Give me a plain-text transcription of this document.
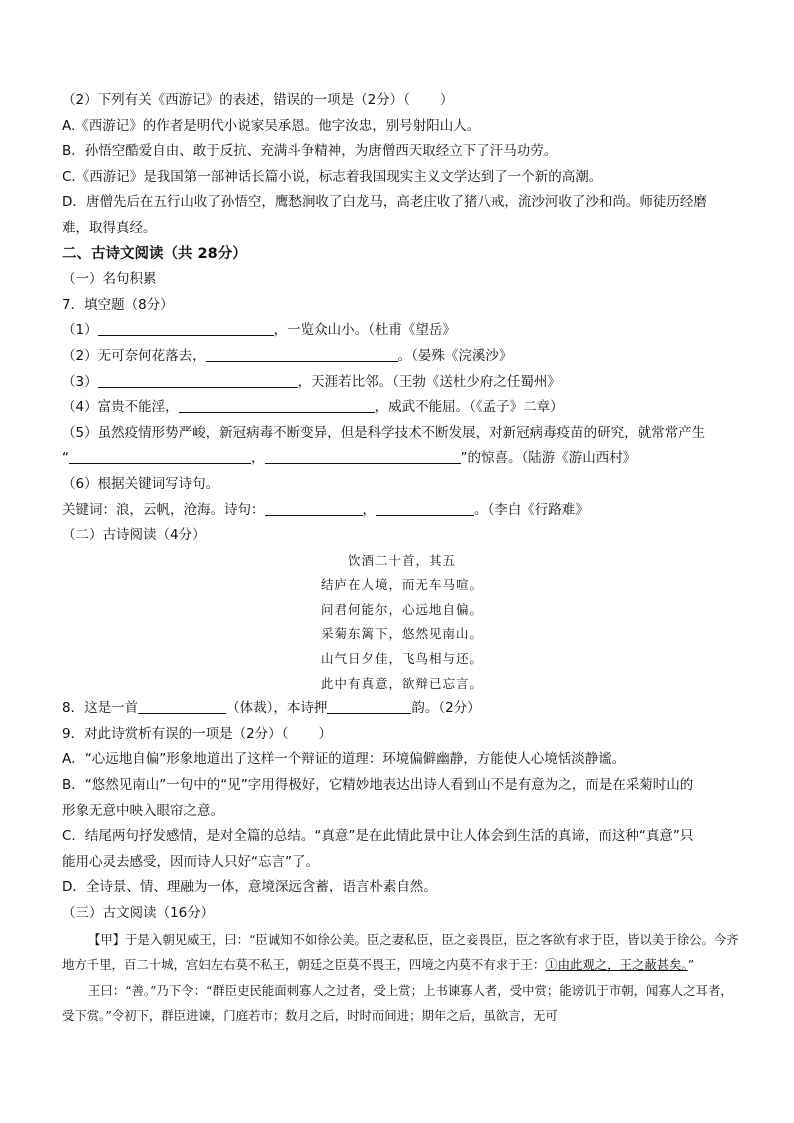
（2）下列有关《西游记》的表述，错误的一项是（2分）（ ）
A.《西游记》的作者是明代小说家吴承恩。他字汝忠，别号射阳山人。
B．孙悟空酷爱自由、敢于反抗、充满斗争精神，为唐僧西天取经立下了汗马功劳。
C.《西游记》是我国第一部神话长篇小说，标志着我国现实主义文学达到了一个新的高潮。
D．唐僧先后在五行山收了孙悟空，鹰愁涧收了白龙马，高老庄收了猪八戒，流沙河收了沙和尚。师徒历经磨
难，取得真经。
二、古诗文阅读（共 28分）
（一）名句积累
7．填空题（8分）
（1）	，一览众山小。（杜甫《望岳》
（2）无可奈何花落去，	。（晏殊《浣溪沙》
（3）	，天涯若比邻。（王勃《送杜少府之任蜀州》
（4）富贵不能淫，	，威武不能屈。（《孟子》二章）
（5）虽然疫情形势严峻，新冠病毒不断变异，但是科学技术不断发展，对新冠病毒疫苗的研究，就常常产生
“	，	”的惊喜。（陆游《游山西村》
（6）根据关键词写诗句。
关键词：浪，云帆，沧海。诗句：	，	。（李白《行路难》
（二）古诗阅读（4分）
饮酒二十首，其五
结庐在人境，而无车马喧。
问君何能尔，心远地自偏。
采菊东篱下，悠然见南山。
山气日夕佳，飞鸟相与还。
此中有真意，欲辩已忘言。
8．这是一首	（体裁），本诗押	韵。（2分）
9．对此诗赏析有误的一项是（2分）（ ）
A．“心远地自偏”形象地道出了这样一个辩证的道理：环境偏僻幽静，方能使人心境恬淡静谧。
B．“悠然见南山”一句中的“见”字用得极好，它精妙地表达出诗人看到山不是有意为之，而是在采菊时山的
形象无意中映入眼帘之意。
C．结尾两句抒发感情，是对全篇的总结。“真意”是在此情此景中让人体会到生活的真谛，而这种“真意”只
能用心灵去感受，因而诗人只好“忘言”了。
D．全诗景、情、理融为一体，意境深远含蓄，语言朴素自然。
（三）古文阅读（16分）
【甲】于是入朝见威王，曰：“臣诚知不如徐公美。臣之妻私臣，臣之妾畏臣，臣之客欲有求于臣，皆以美于徐公。今齐地方千里，百二十城，宫妇左右莫不私王，朝廷之臣莫不畏王，四境之内莫不有求于王：①由此观之，王之蔽甚矣。”
王曰：“善。”乃下令：“群臣吏民能面刺寡人之过者，受上赏；上书谏寡人者，受中赏；能谤讥于市朝，闻寡人之耳者，受下赏。”令初下，群臣进谏，门庭若市；数月之后，时时而间进；期年之后，虽欲言，无可
